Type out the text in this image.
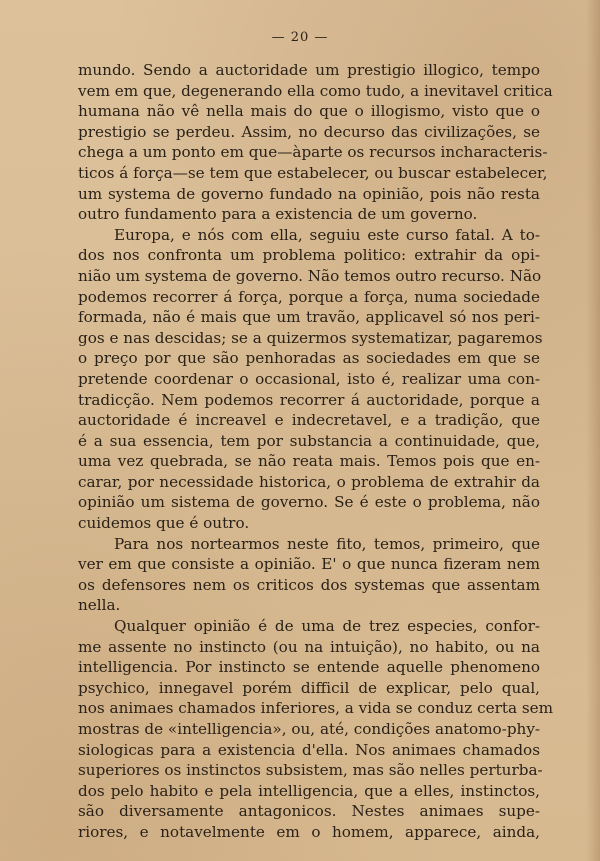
— 20 —
mundo. Sendo a auctoridade um prestigio illogico, tempo
vem em que, degenerando ella como tudo, a inevitavel critica
humana não vê nella mais do que o illogismo, visto que o
prestigio se perdeu. Assim, no decurso das civilizações, se
chega a um ponto em que—àparte os recursos incharacteris-
ticos á força—se tem que estabelecer, ou buscar estabelecer,
um systema de governo fundado na opinião, pois não resta
outro fundamento para a existencia de um governo.
Europa, e nós com ella, seguiu este curso fatal. A to-
dos nos confronta um problema politico: extrahir da opi-
nião um systema de governo. Não temos outro recurso. Não
podemos recorrer á força, porque a força, numa sociedade
formada, não é mais que um travão, applicavel só nos peri-
gos e nas descidas; se a quizermos systematizar, pagaremos
o preço por que são penhoradas as sociedades em que se
pretende coordenar o occasional, isto é, realizar uma con-
tradicção. Nem podemos recorrer á auctoridade, porque a
auctoridade é increavel e indecretavel, e a tradição, que
é a sua essencia, tem por substancia a continuidade, que,
uma vez quebrada, se não reata mais. Temos pois que en-
carar, por necessidade historica, o problema de extrahir da
opinião um sistema de governo. Se é este o problema, não
cuidemos que é outro.
Para nos nortearmos neste fito, temos, primeiro, que
ver em que consiste a opinião. E' o que nunca fizeram nem
os defensores nem os criticos dos systemas que assentam
nella.
Qualquer opinião é de uma de trez especies, confor-
me assente no instincto (ou na intuição), no habito, ou na
intelligencia. Por instincto se entende aquelle phenomeno
psychico, innegavel porém difficil de explicar, pelo qual,
nos animaes chamados inferiores, a vida se conduz certa sem
mostras de «intelligencia», ou, até, condições anatomo-phy-
siologicas para a existencia d'ella. Nos animaes chamados
superiores os instinctos subsistem, mas são nelles perturba-
dos pelo habito e pela intelligencia, que a elles, instinctos,
são diversamente antagonicos. Nestes animaes supe-
riores, e notavelmente em o homem, apparece, ainda,
